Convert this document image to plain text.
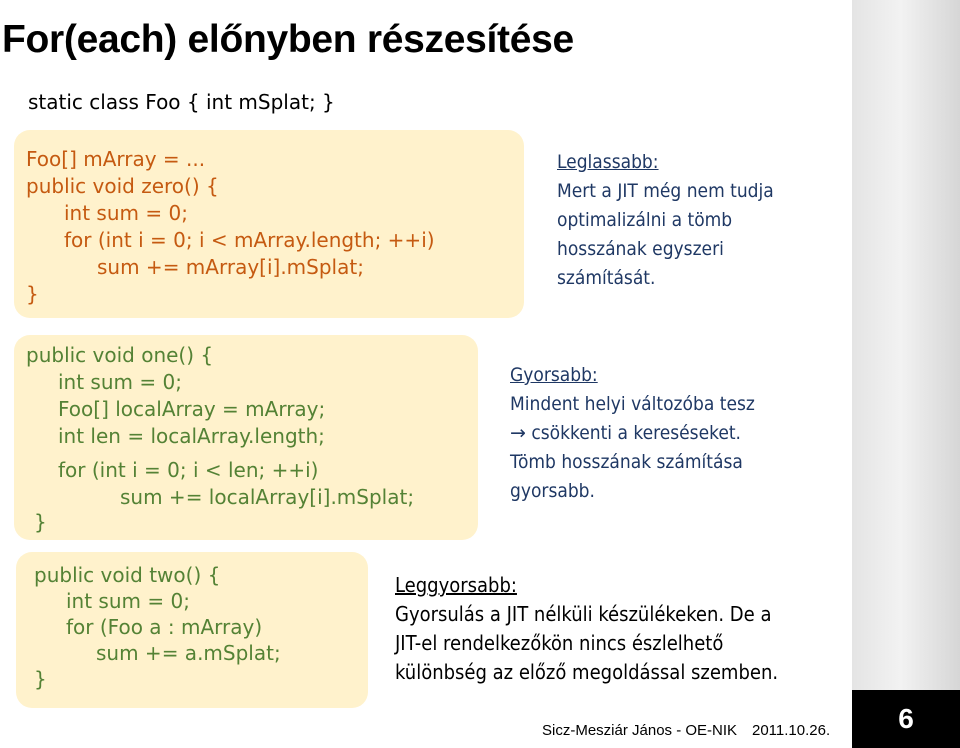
6
For(each) előnyben részesítése
static class Foo { int mSplat; }
Foo[] mArray = ...
public void zero() {
int sum = 0;
for (int i = 0; i < mArray.length; ++i)
sum += mArray[i].mSplat;
}
public void one() {
int sum = 0;
Foo[] localArray = mArray;
int len = localArray.length;
for (int i = 0; i < len; ++i)
sum += localArray[i].mSplat;
}
public void two() {
int sum = 0;
for (Foo a : mArray)
sum += a.mSplat;
}
Leglassabb:
Mert a JIT még nem tudja
optimalizálni a tömb
hosszának egyszeri
számítását.
Gyorsabb:
Mindent helyi változóba tesz
→ csökkenti a kereséseket.
Tömb hosszának számítása
gyorsabb.
Leggyorsabb:
Gyorsulás a JIT nélküli készülékeken. De a
JIT-el rendelkezőkön nincs észlelhető
különbség az előző megoldással szemben.
Sicz-Mesziár János - OE-NIK 2011.10.26.
